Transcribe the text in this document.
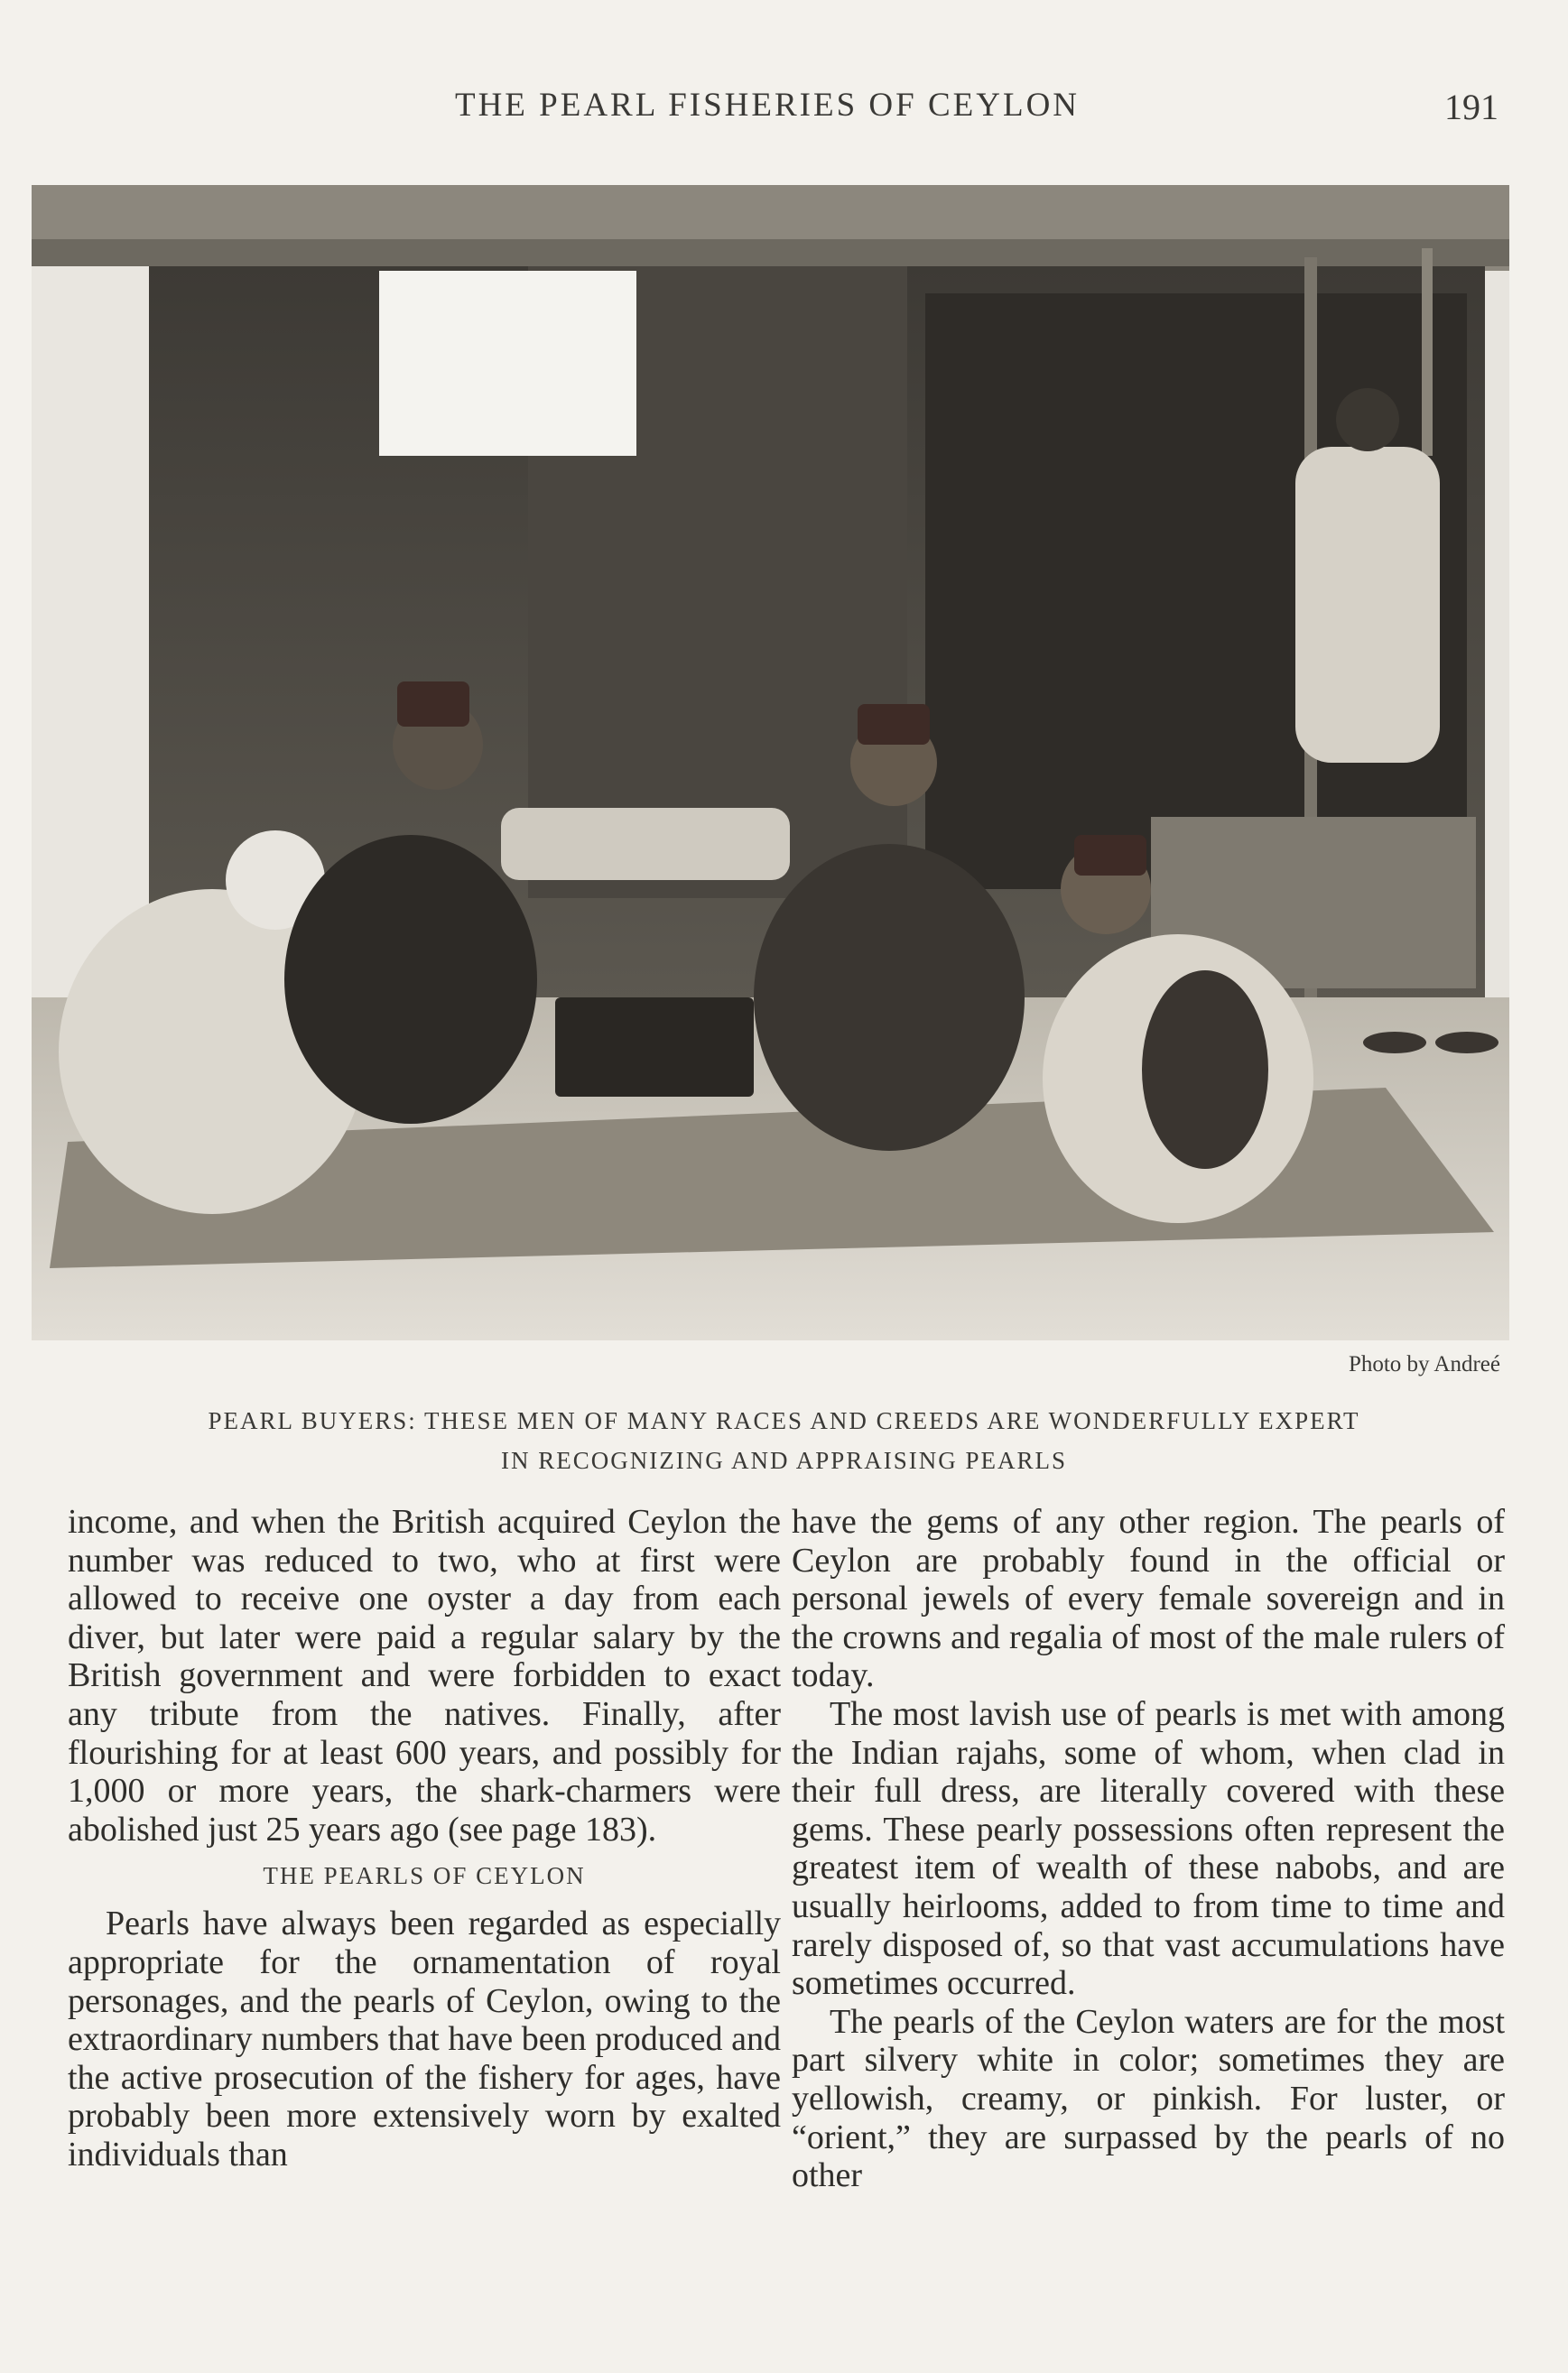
THE PEARL FISHERIES OF CEYLON	191
Photo by Andreé
PEARL BUYERS: THESE MEN OF MANY RACES AND CREEDS ARE WONDERFULLY EXPERT
IN RECOGNIZING AND APPRAISING PEARLS

income, and when the British acquired Ceylon the number was reduced to two, who at first were allowed to receive one oyster a day from each diver, but later were paid a regular salary by the British government and were forbidden to exact any tribute from the natives. Finally, after flourishing for at least 600 years, and possibly for 1,000 or more years, the shark-charmers were abolished just 25 years ago (see page 183).

THE PEARLS OF CEYLON

Pearls have always been regarded as especially appropriate for the ornamentation of royal personages, and the pearls of Ceylon, owing to the extraordinary numbers that have been produced and the active prosecution of the fishery for ages, have probably been more extensively worn by exalted individuals than

have the gems of any other region. The pearls of Ceylon are probably found in the official or personal jewels of every female sovereign and in the crowns and regalia of most of the male rulers of today.

The most lavish use of pearls is met with among the Indian rajahs, some of whom, when clad in their full dress, are literally covered with these gems. These pearly possessions often represent the greatest item of wealth of these nabobs, and are usually heirlooms, added to from time to time and rarely disposed of, so that vast accumulations have sometimes occurred.

The pearls of the Ceylon waters are for the most part silvery white in color; sometimes they are yellowish, creamy, or pinkish. For luster, or “orient,” they are surpassed by the pearls of no other
